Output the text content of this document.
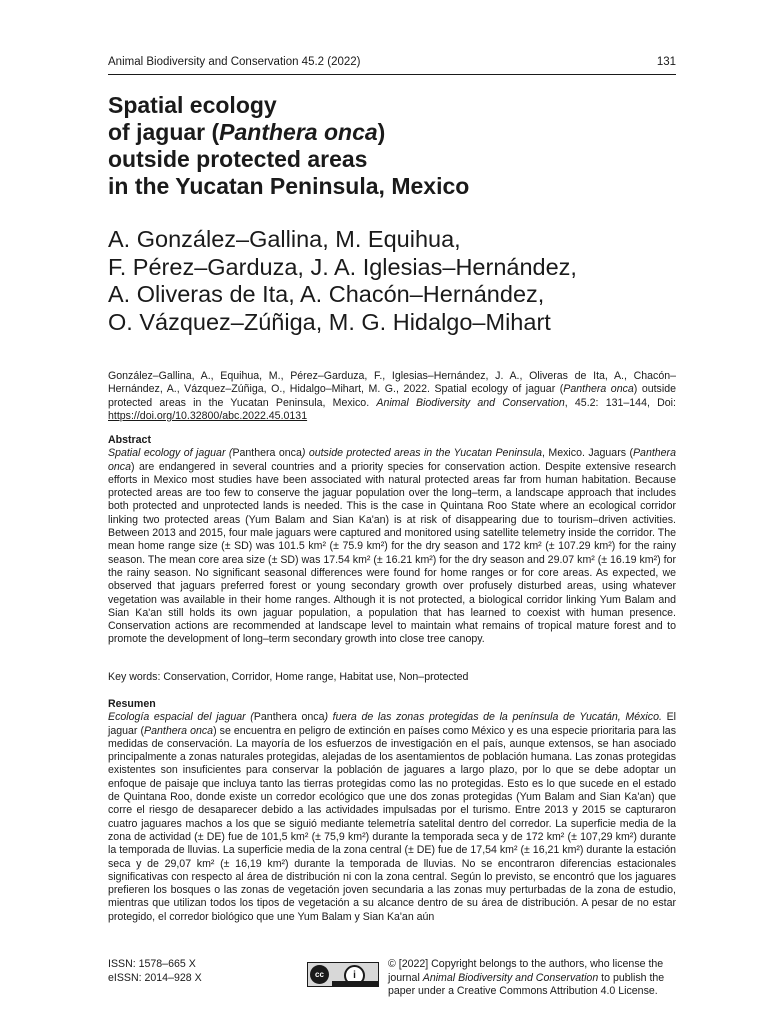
Animal Biodiversity and Conservation 45.2 (2022)	131
Spatial ecology
of jaguar (Panthera onca)
outside protected areas
in the Yucatan Peninsula, Mexico
A. González–Gallina, M. Equihua,
F. Pérez–Garduza, J. A. Iglesias–Hernández,
A. Oliveras de Ita, A. Chacón–Hernández,
O. Vázquez–Zúñiga, M. G. Hidalgo–Mihart
González–Gallina, A., Equihua, M., Pérez–Garduza, F., Iglesias–Hernández, J. A., Oliveras de Ita, A., Chacón–Hernández, A., Vázquez–Zúñiga, O., Hidalgo–Mihart, M. G., 2022. Spatial ecology of jaguar (Panthera onca) outside protected areas in the Yucatan Peninsula, Mexico. Animal Biodiversity and Conservation, 45.2: 131–144, Doi: https://doi.org/10.32800/abc.2022.45.0131
Abstract
Spatial ecology of jaguar (Panthera onca) outside protected areas in the Yucatan Peninsula, Mexico. Jaguars (Panthera onca) are endangered in several countries and a priority species for conservation action. Despite extensive research efforts in Mexico most studies have been associated with natural protected areas far from human habitation. Because protected areas are too few to conserve the jaguar population over the long–term, a landscape approach that includes both protected and unprotected lands is needed. This is the case in Quintana Roo State where an ecological corridor linking two protected areas (Yum Balam and Sian Ka'an) is at risk of disappearing due to tourism–driven activities. Between 2013 and 2015, four male jaguars were captured and monitored using satellite telemetry inside the corridor. The mean home range size (± SD) was 101.5 km² (± 75.9 km²) for the dry season and 172 km² (± 107.29 km²) for the rainy season. The mean core area size (± SD) was 17.54 km² (± 16.21 km²) for the dry season and 29.07 km² (± 16.19 km²) for the rainy season. No significant seasonal differences were found for home ranges or for core areas. As expected, we observed that jaguars preferred forest or young secondary growth over profusely disturbed areas, using whatever vegetation was available in their home ranges. Although it is not protected, a biological corridor linking Yum Balam and Sian Ka'an still holds its own jaguar population, a population that has learned to coexist with human presence. Conservation actions are recommended at landscape level to maintain what remains of tropical mature forest and to promote the development of long–term secondary growth into close tree canopy.
Key words: Conservation, Corridor, Home range, Habitat use, Non–protected
Resumen
Ecología espacial del jaguar (Panthera onca) fuera de las zonas protegidas de la península de Yucatán, México. El jaguar (Panthera onca) se encuentra en peligro de extinción en países como México y es una especie prioritaria para las medidas de conservación. La mayoría de los esfuerzos de investigación en el país, aunque extensos, se han asociado principalmente a zonas naturales protegidas, alejadas de los asentamientos de población humana. Las zonas protegidas existentes son insuficientes para conservar la población de jaguares a largo plazo, por lo que se debe adoptar un enfoque de paisaje que incluya tanto las tierras protegidas como las no protegidas. Esto es lo que sucede en el estado de Quintana Roo, donde existe un corredor ecológico que une dos zonas protegidas (Yum Balam and Sian Ka'an) que corre el riesgo de desaparecer debido a las actividades impulsadas por el turismo. Entre 2013 y 2015 se capturaron cuatro jaguares machos a los que se siguió mediante telemetría satelital dentro del corredor. La superficie media de la zona de actividad (± DE) fue de 101,5 km² (± 75,9 km²) durante la temporada seca y de 172 km² (± 107,29 km²) durante la temporada de lluvias. La superficie media de la zona central (± DE) fue de 17,54 km² (± 16,21 km²) durante la estación seca y de 29,07 km² (± 16,19 km²) durante la temporada de lluvias. No se encontraron diferencias estacionales significativas con respecto al área de distribución ni con la zona central. Según lo previsto, se encontró que los jaguares prefieren los bosques o las zonas de vegetación joven secundaria a las zonas muy perturbadas de la zona de estudio, mientras que utilizan todos los tipos de vegetación a su alcance dentro de su área de distribución. A pesar de no estar protegido, el corredor biológico que une Yum Balam y Sian Ka'an aún
ISSN: 1578–665 X
eISSN: 2014–928 X	cc	i
© [2022] Copyright belongs to the authors, who license the journal Animal Biodiversity and Conservation to publish the paper under a Creative Commons Attribution 4.0 License.
